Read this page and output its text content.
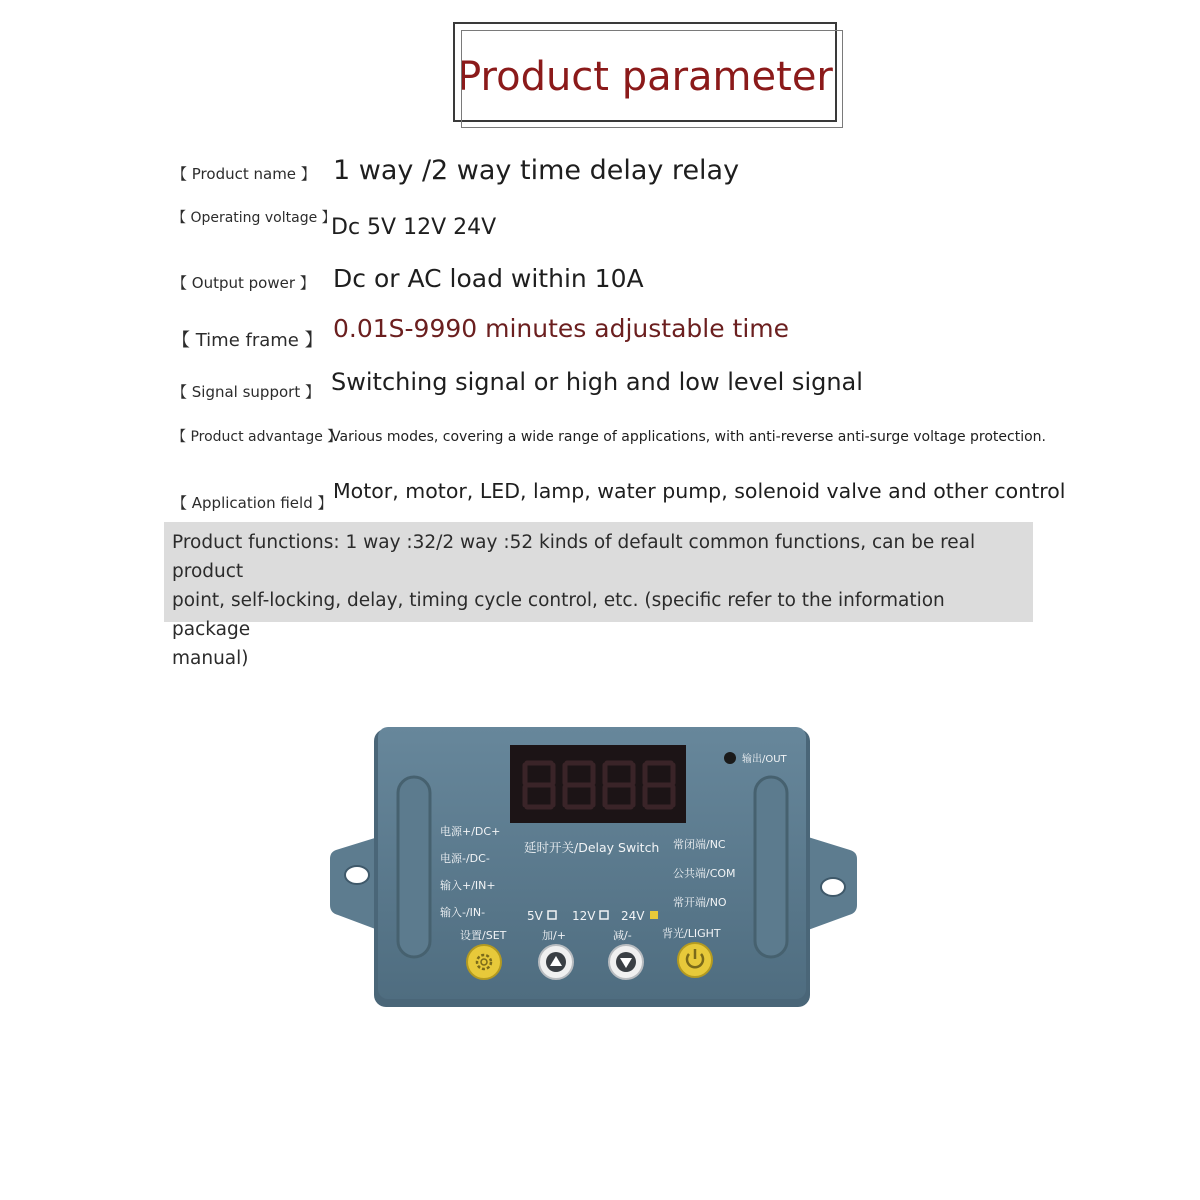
Product parameter
【 Product name 】 1 way /2 way time delay relay
【 Operating voltage 】
Dc 5V 12V 24V
【 Output power 】 Dc or AC load within 10A
【 Time frame 】 0.01S-9990 minutes adjustable time
【 Signal support 】 Switching signal or high and low level signal
【 Product advantage 】
Various modes, covering a wide range of applications, with anti-reverse anti-surge voltage protection.
【 Application field 】 Motor, motor, LED, lamp, water pump, solenoid valve and other control
Product functions: 1 way :32/2 way :52 kinds of default common functions, can be real product
point, self-locking, delay, timing cycle control, etc. (specific refer to the information package
manual)
输出/OUT
延时开关/Delay Switch
电源+/DC+
电源-/DC-
输入+/IN+
输入-/IN-
常闭端/NC
公共端/COM
常开端/NO
5V 12V 24V
设置/SET	加/+	减/-	背光/LIGHT
